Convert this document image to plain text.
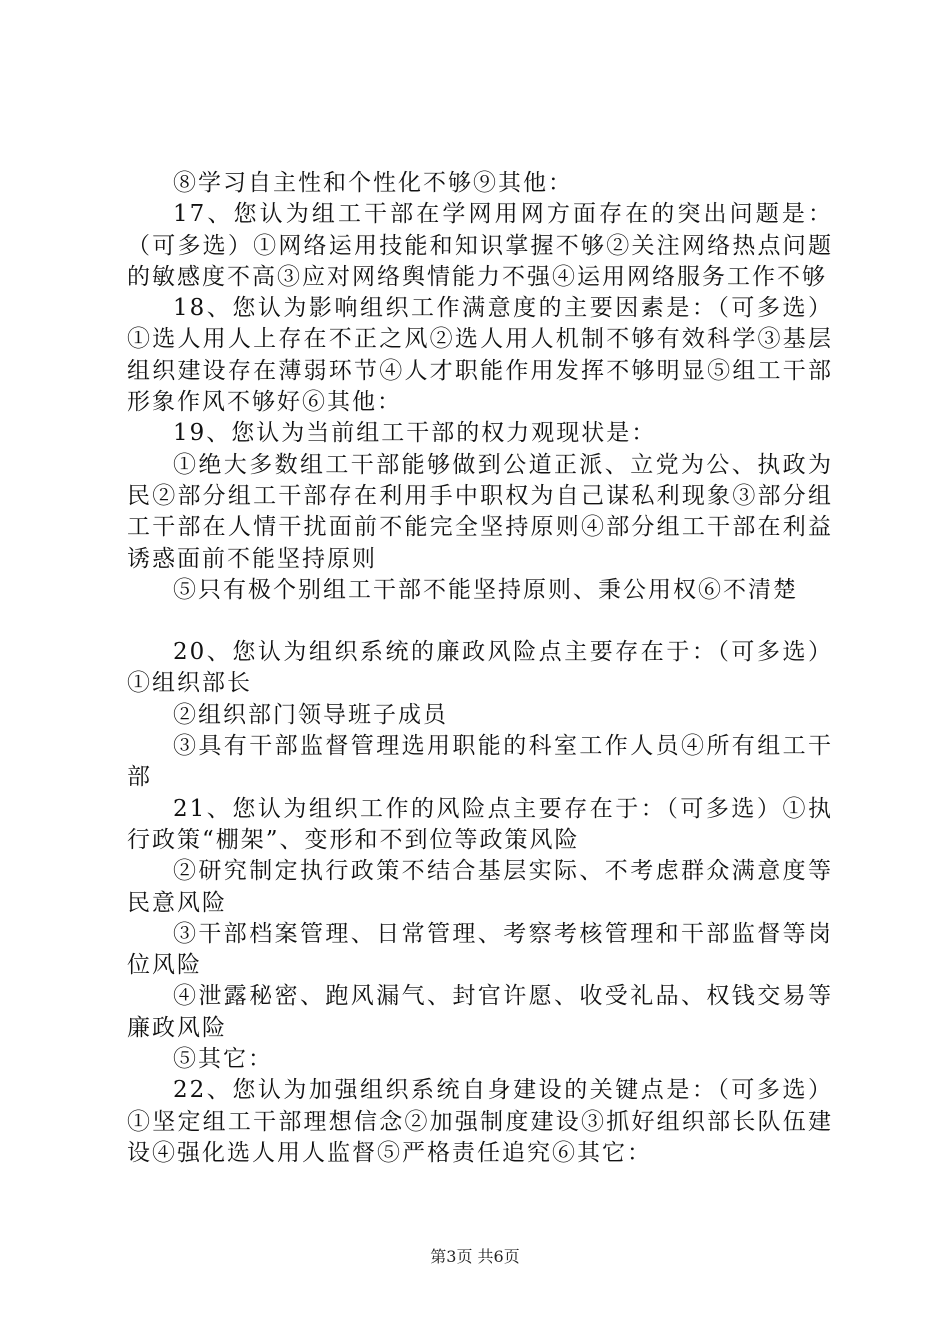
⑧学习自主性和个性化不够⑨其他：

17、您认为组工干部在学网用网方面存在的突出问题是：（可多选）①网络运用技能和知识掌握不够②关注网络热点问题的敏感度不高③应对网络舆情能力不强④运用网络服务工作不够

18、您认为影响组织工作满意度的主要因素是：（可多选）①选人用人上存在不正之风②选人用人机制不够有效科学③基层组织建设存在薄弱环节④人才职能作用发挥不够明显⑤组工干部形象作风不够好⑥其他：

19、您认为当前组工干部的权力观现状是：

①绝大多数组工干部能够做到公道正派、立党为公、执政为民②部分组工干部存在利用手中职权为自己谋私利现象③部分组工干部在人情干扰面前不能完全坚持原则④部分组工干部在利益诱惑面前不能坚持原则

⑤只有极个别组工干部不能坚持原则、秉公用权⑥不清楚

20、您认为组织系统的廉政风险点主要存在于：（可多选）①组织部长

②组织部门领导班子成员

③具有干部监督管理选用职能的科室工作人员④所有组工干部

21、您认为组织工作的风险点主要存在于：（可多选）①执行政策“棚架”、变形和不到位等政策风险

②研究制定执行政策不结合基层实际、不考虑群众满意度等民意风险

③干部档案管理、日常管理、考察考核管理和干部监督等岗位风险

④泄露秘密、跑风漏气、封官许愿、收受礼品、权钱交易等廉政风险

⑤其它：

22、您认为加强组织系统自身建设的关键点是：（可多选）①坚定组工干部理想信念②加强制度建设③抓好组织部长队伍建设④强化选人用人监督⑤严格责任追究⑥其它：

第3页 共6页
